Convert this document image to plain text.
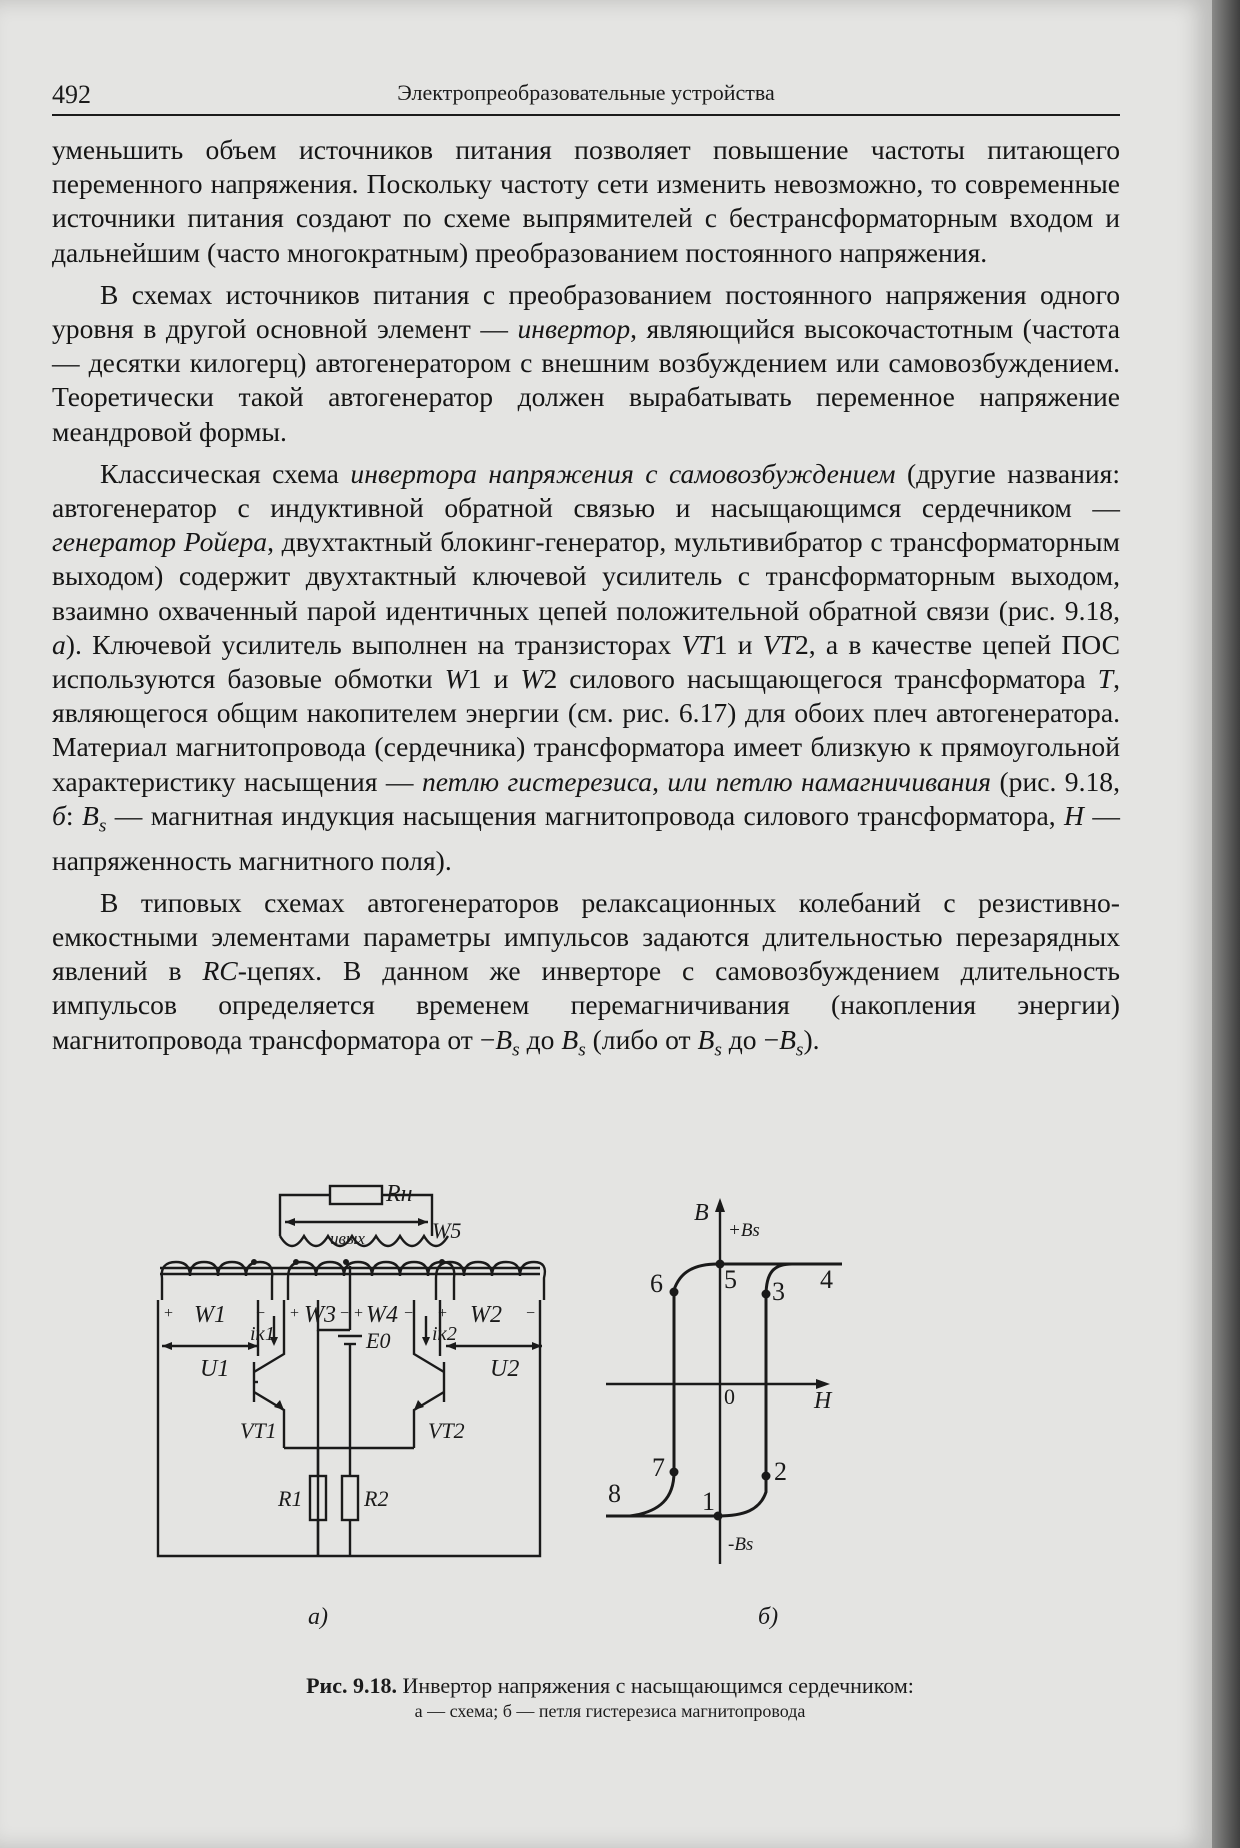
492	Электропреобразовательные устройства

уменьшить объем источников питания позволяет повышение частоты питающего переменного напряжения. Поскольку частоту сети изменить невозможно, то современные источники питания создают по схеме выпрямителей с бестрансформаторным входом и дальнейшим (часто многократным) преобразованием постоянного напряжения.

В схемах источников питания с преобразованием постоянного напряжения одного уровня в другой основной элемент — инвертор, являющийся высокочастотным (частота — десятки килогерц) автогенератором с внешним возбуждением или самовозбуждением. Теоретически такой автогенератор должен вырабатывать переменное напряжение меандровой формы.

Классическая схема инвертора напряжения с самовозбуждением (другие названия: автогенератор с индуктивной обратной связью и насыщающимся сердечником — генератор Ройера, двухтактный блокинг-генератор, мультивибратор с трансформаторным выходом) содержит двухтактный ключевой усилитель с трансформаторным выходом, взаимно охваченный парой идентичных цепей положительной обратной связи (рис. 9.18, а). Ключевой усилитель выполнен на транзисторах VT1 и VT2, а в качестве цепей ПОС используются базовые обмотки W1 и W2 силового насыщающегося трансформатора T, являющегося общим накопителем энергии (см. рис. 6.17) для обоих плеч автогенератора. Материал магнитопровода (сердечника) трансформатора имеет близкую к прямоугольной характеристику насыщения — петлю гистерезиса, или петлю намагничивания (рис. 9.18, б: $B_s$ — магнитная индукция насыщения магнитопровода силового трансформатора, H — напряженность магнитного поля).

В типовых схемах автогенераторов релаксационных колебаний с резистивно-емкостными элементами параметры импульсов задаются длительностью перезарядных явлений в RC-цепях. В данном же инверторе с самовозбуждением длительность импульсов определяется временем перемагничивания (накопления энергии) магнитопровода трансформатора от $-B_s$ до $B_s$ (либо от $B_s$ до $-B_s$).

Rн
uвых	W5
+	− +	− +	− +	−
W1	W3 W4	W2
U1	U2
iк1
VT1
iк2
VT2
E0
R1	R2
а)
B
H
0
+Bs
-Bs
1
2
3 4
5
6
7
8
б)
Рис. 9.18. Инвертор напряжения с насыщающимся сердечником:
а — схема; б — петля гистерезиса магнитопровода
